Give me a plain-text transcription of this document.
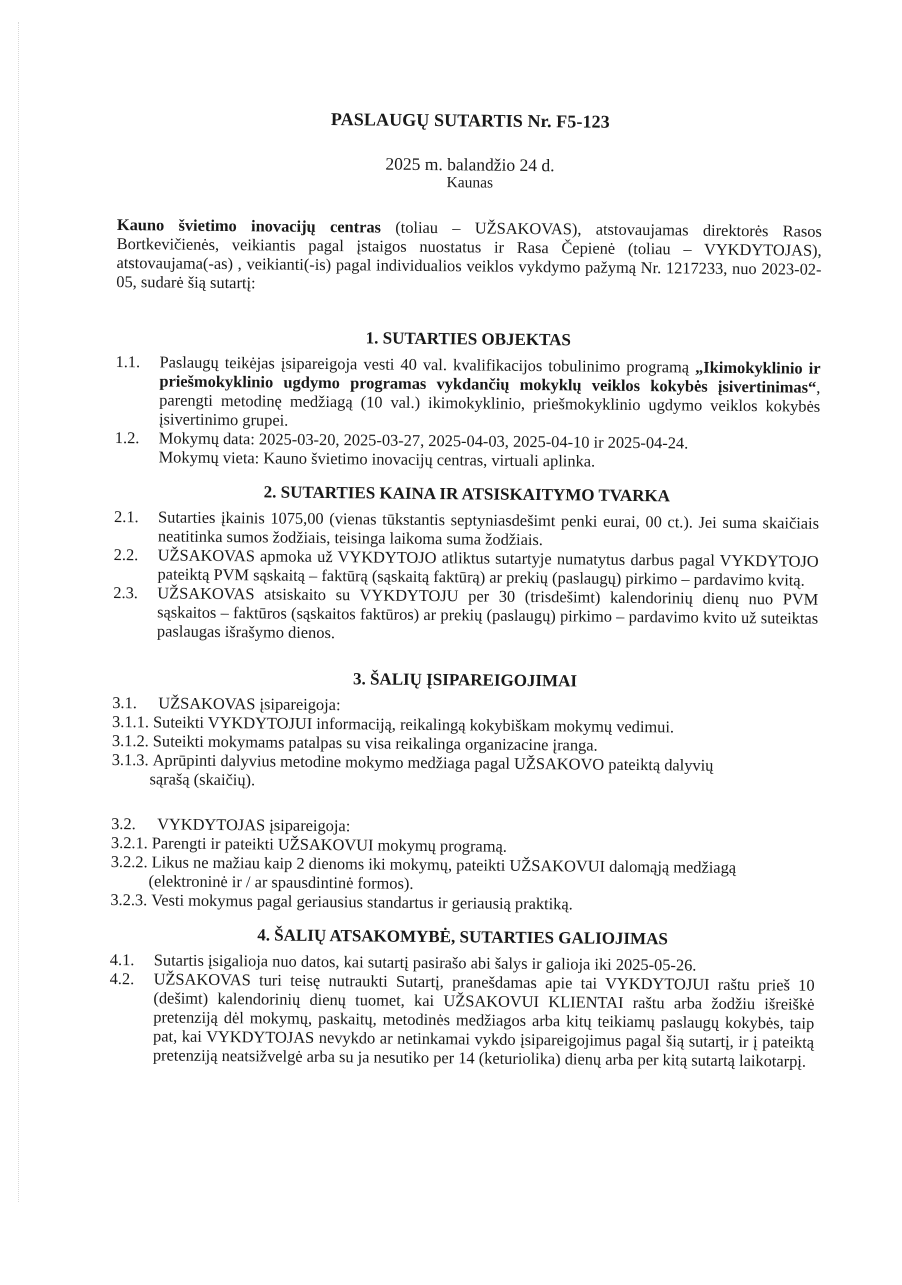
PASLAUGŲ SUTARTIS Nr. F5-123

2025 m. balandžio 24 d.

Kaunas

Kauno švietimo inovacijų centras (toliau – UŽSAKOVAS), atstovaujamas direktorės Rasos Bortkevičienės, veikiantis pagal įstaigos nuostatus ir Rasa Čepienė (toliau – VYKDYTOJAS), atstovaujama(-as) , veikianti(-is) pagal individualios veiklos vykdymo pažymą Nr. 1217233, nuo 2023-02-05, sudarė šią sutartį:

1. SUTARTIES OBJEKTAS

1.1.	Paslaugų teikėjas įsipareigoja vesti 40 val. kvalifikacijos tobulinimo programą „Ikimokyklinio ir priešmokyklinio ugdymo programas vykdančių mokyklų veiklos kokybės įsivertinimas“, parengti metodinę medžiagą (10 val.) ikimokyklinio, priešmokyklinio ugdymo veiklos kokybės įsivertinimo grupei.
1.2.	Mokymų data: 2025-03-20, 2025-03-27, 2025-04-03, 2025-04-10 ir 2025-04-24.
Mokymų vieta: Kauno švietimo inovacijų centras, virtuali aplinka.

2. SUTARTIES KAINA IR ATSISKAITYMO TVARKA

2.1.	Sutarties įkainis 1075,00 (vienas tūkstantis septyniasdešimt penki eurai, 00 ct.). Jei suma skaičiais neatitinka sumos žodžiais, teisinga laikoma suma žodžiais.
2.2.	UŽSAKOVAS apmoka už VYKDYTOJO atliktus sutartyje numatytus darbus pagal VYKDYTOJO pateiktą PVM sąskaitą – faktūrą (sąskaitą faktūrą) ar prekių (paslaugų) pirkimo – pardavimo kvitą.
2.3.	UŽSAKOVAS atsiskaito su VYKDYTOJU per 30 (trisdešimt) kalendorinių dienų nuo PVM sąskaitos – faktūros (sąskaitos faktūros) ar prekių (paslaugų) pirkimo – pardavimo kvito už suteiktas paslaugas išrašymo dienos.

3. ŠALIŲ ĮSIPAREIGOJIMAI

3.1.	UŽSAKOVAS įsipareigoja:
3.1.1. Suteikti VYKDYTOJUI informaciją, reikalingą kokybiškam mokymų vedimui.
3.1.2. Suteikti mokymams patalpas su visa reikalinga organizacine įranga.
3.1.3. Aprūpinti dalyvius metodine mokymo medžiaga pagal UŽSAKOVO pateiktą dalyvių
sąrašą (skaičių).
3.2.	VYKDYTOJAS įsipareigoja:
3.2.1. Parengti ir pateikti UŽSAKOVUI mokymų programą.
3.2.2. Likus ne mažiau kaip 2 dienoms iki mokymų, pateikti UŽSAKOVUI dalomąją medžiagą
(elektroninė ir / ar spausdintinė formos).
3.2.3. Vesti mokymus pagal geriausius standartus ir geriausią praktiką.

4. ŠALIŲ ATSAKOMYBĖ, SUTARTIES GALIOJIMAS

4.1.	Sutartis įsigalioja nuo datos, kai sutartį pasirašo abi šalys ir galioja iki 2025-05-26.
4.2.	UŽSAKOVAS turi teisę nutraukti Sutartį, pranešdamas apie tai VYKDYTOJUI raštu prieš 10 (dešimt) kalendorinių dienų tuomet, kai UŽSAKOVUI KLIENTAI raštu arba žodžiu išreiškė pretenziją dėl mokymų, paskaitų, metodinės medžiagos arba kitų teikiamų paslaugų kokybės, taip pat, kai VYKDYTOJAS nevykdo ar netinkamai vykdo įsipareigojimus pagal šią sutartį, ir į pateiktą pretenziją neatsižvelgė arba su ja nesutiko per 14 (keturiolika) dienų arba per kitą sutartą laikotarpį.
